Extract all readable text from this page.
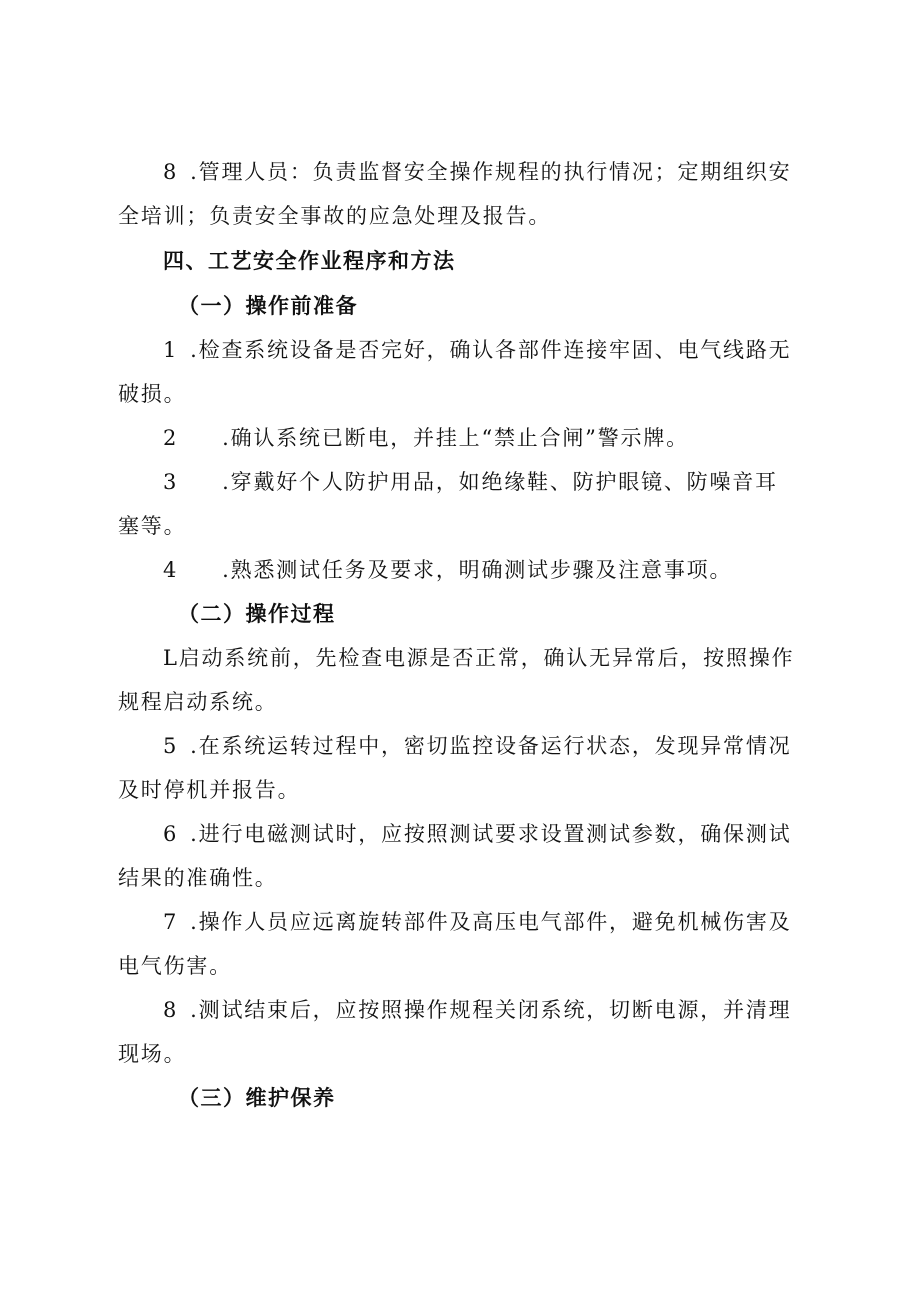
8 .管理人员：负责监督安全操作规程的执行情况；定期组织安
全培训；负责安全事故的应急处理及报告。
四、工艺安全作业程序和方法
（一）操作前准备
1 .检查系统设备是否完好，确认各部件连接牢固、电气线路无
破损。
2 .确认系统已断电，并挂上“禁止合闸”警示牌。
3 .穿戴好个人防护用品，如绝缘鞋、防护眼镜、防噪音耳
塞等。
4 .熟悉测试任务及要求，明确测试步骤及注意事项。
（二）操作过程
L启动系统前，先检查电源是否正常，确认无异常后，按照操作
规程启动系统。
5 .在系统运转过程中，密切监控设备运行状态，发现异常情况
及时停机并报告。
6 .进行电磁测试时，应按照测试要求设置测试参数，确保测试
结果的准确性。
7 .操作人员应远离旋转部件及高压电气部件，避免机械伤害及
电气伤害。
8 .测试结束后，应按照操作规程关闭系统，切断电源，并清理
现场。
（三）维护保养
